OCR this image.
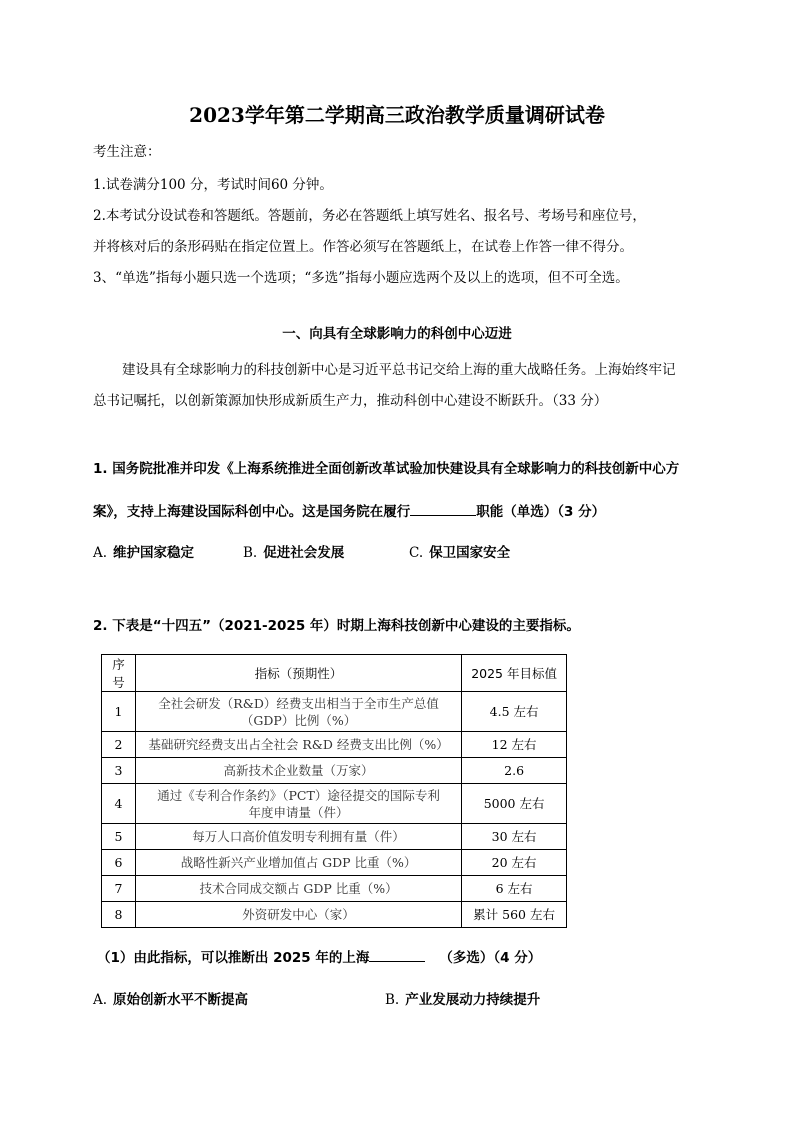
2023学年第二学期高三政治教学质量调研试卷
考生注意：
1.试卷满分100 分，考试时间60 分钟。
2.本考试分设试卷和答题纸。答题前，务必在答题纸上填写姓名、报名号、考场号和座位号，
并将核对后的条形码贴在指定位置上。作答必须写在答题纸上，在试卷上作答一律不得分。
3、“单选”指每小题只选一个选项；“多选”指每小题应选两个及以上的选项，但不可全选。
一、向具有全球影响力的科创中心迈进
建设具有全球影响力的科技创新中心是习近平总书记交给上海的重大战略任务。上海始终牢记
总书记嘱托，以创新策源加快形成新质生产力，推动科创中心建设不断跃升。（33 分）
1. 国务院批准并印发《上海系统推进全面创新改革试验加快建设具有全球影响力的科技创新中心方
案》，支持上海建设国际科创中心。这是国务院在履行	职能（单选）（3 分）
A. 维护国家稳定	B. 促进社会发展	C. 保卫国家安全
2. 下表是“十四五”（2021-2025 年）时期上海科技创新中心建设的主要指标。
序号	指标（预期性）	2025 年目标值
1	全社会研发（R&D）经费支出相当于全市生产总值
（GDP）比例（%）	4.5 左右
2	基础研究经费支出占全社会 R&D 经费支出比例（%）	12 左右
3	高新技术企业数量（万家）	2.6
4	通过《专利合作条约》（PCT）途径提交的国际专利
年度申请量（件）	5000 左右
5	每万人口高价值发明专利拥有量（件）	30 左右
6	战略性新兴产业增加值占 GDP 比重（%）	20 左右
7	技术合同成交额占 GDP 比重（%）	6 左右
8	外资研发中心（家）	累计 560 左右
（1）由此指标，可以推断出 2025 年的上海	（多选）（4 分）
A. 原始创新水平不断提高	B. 产业发展动力持续提升
